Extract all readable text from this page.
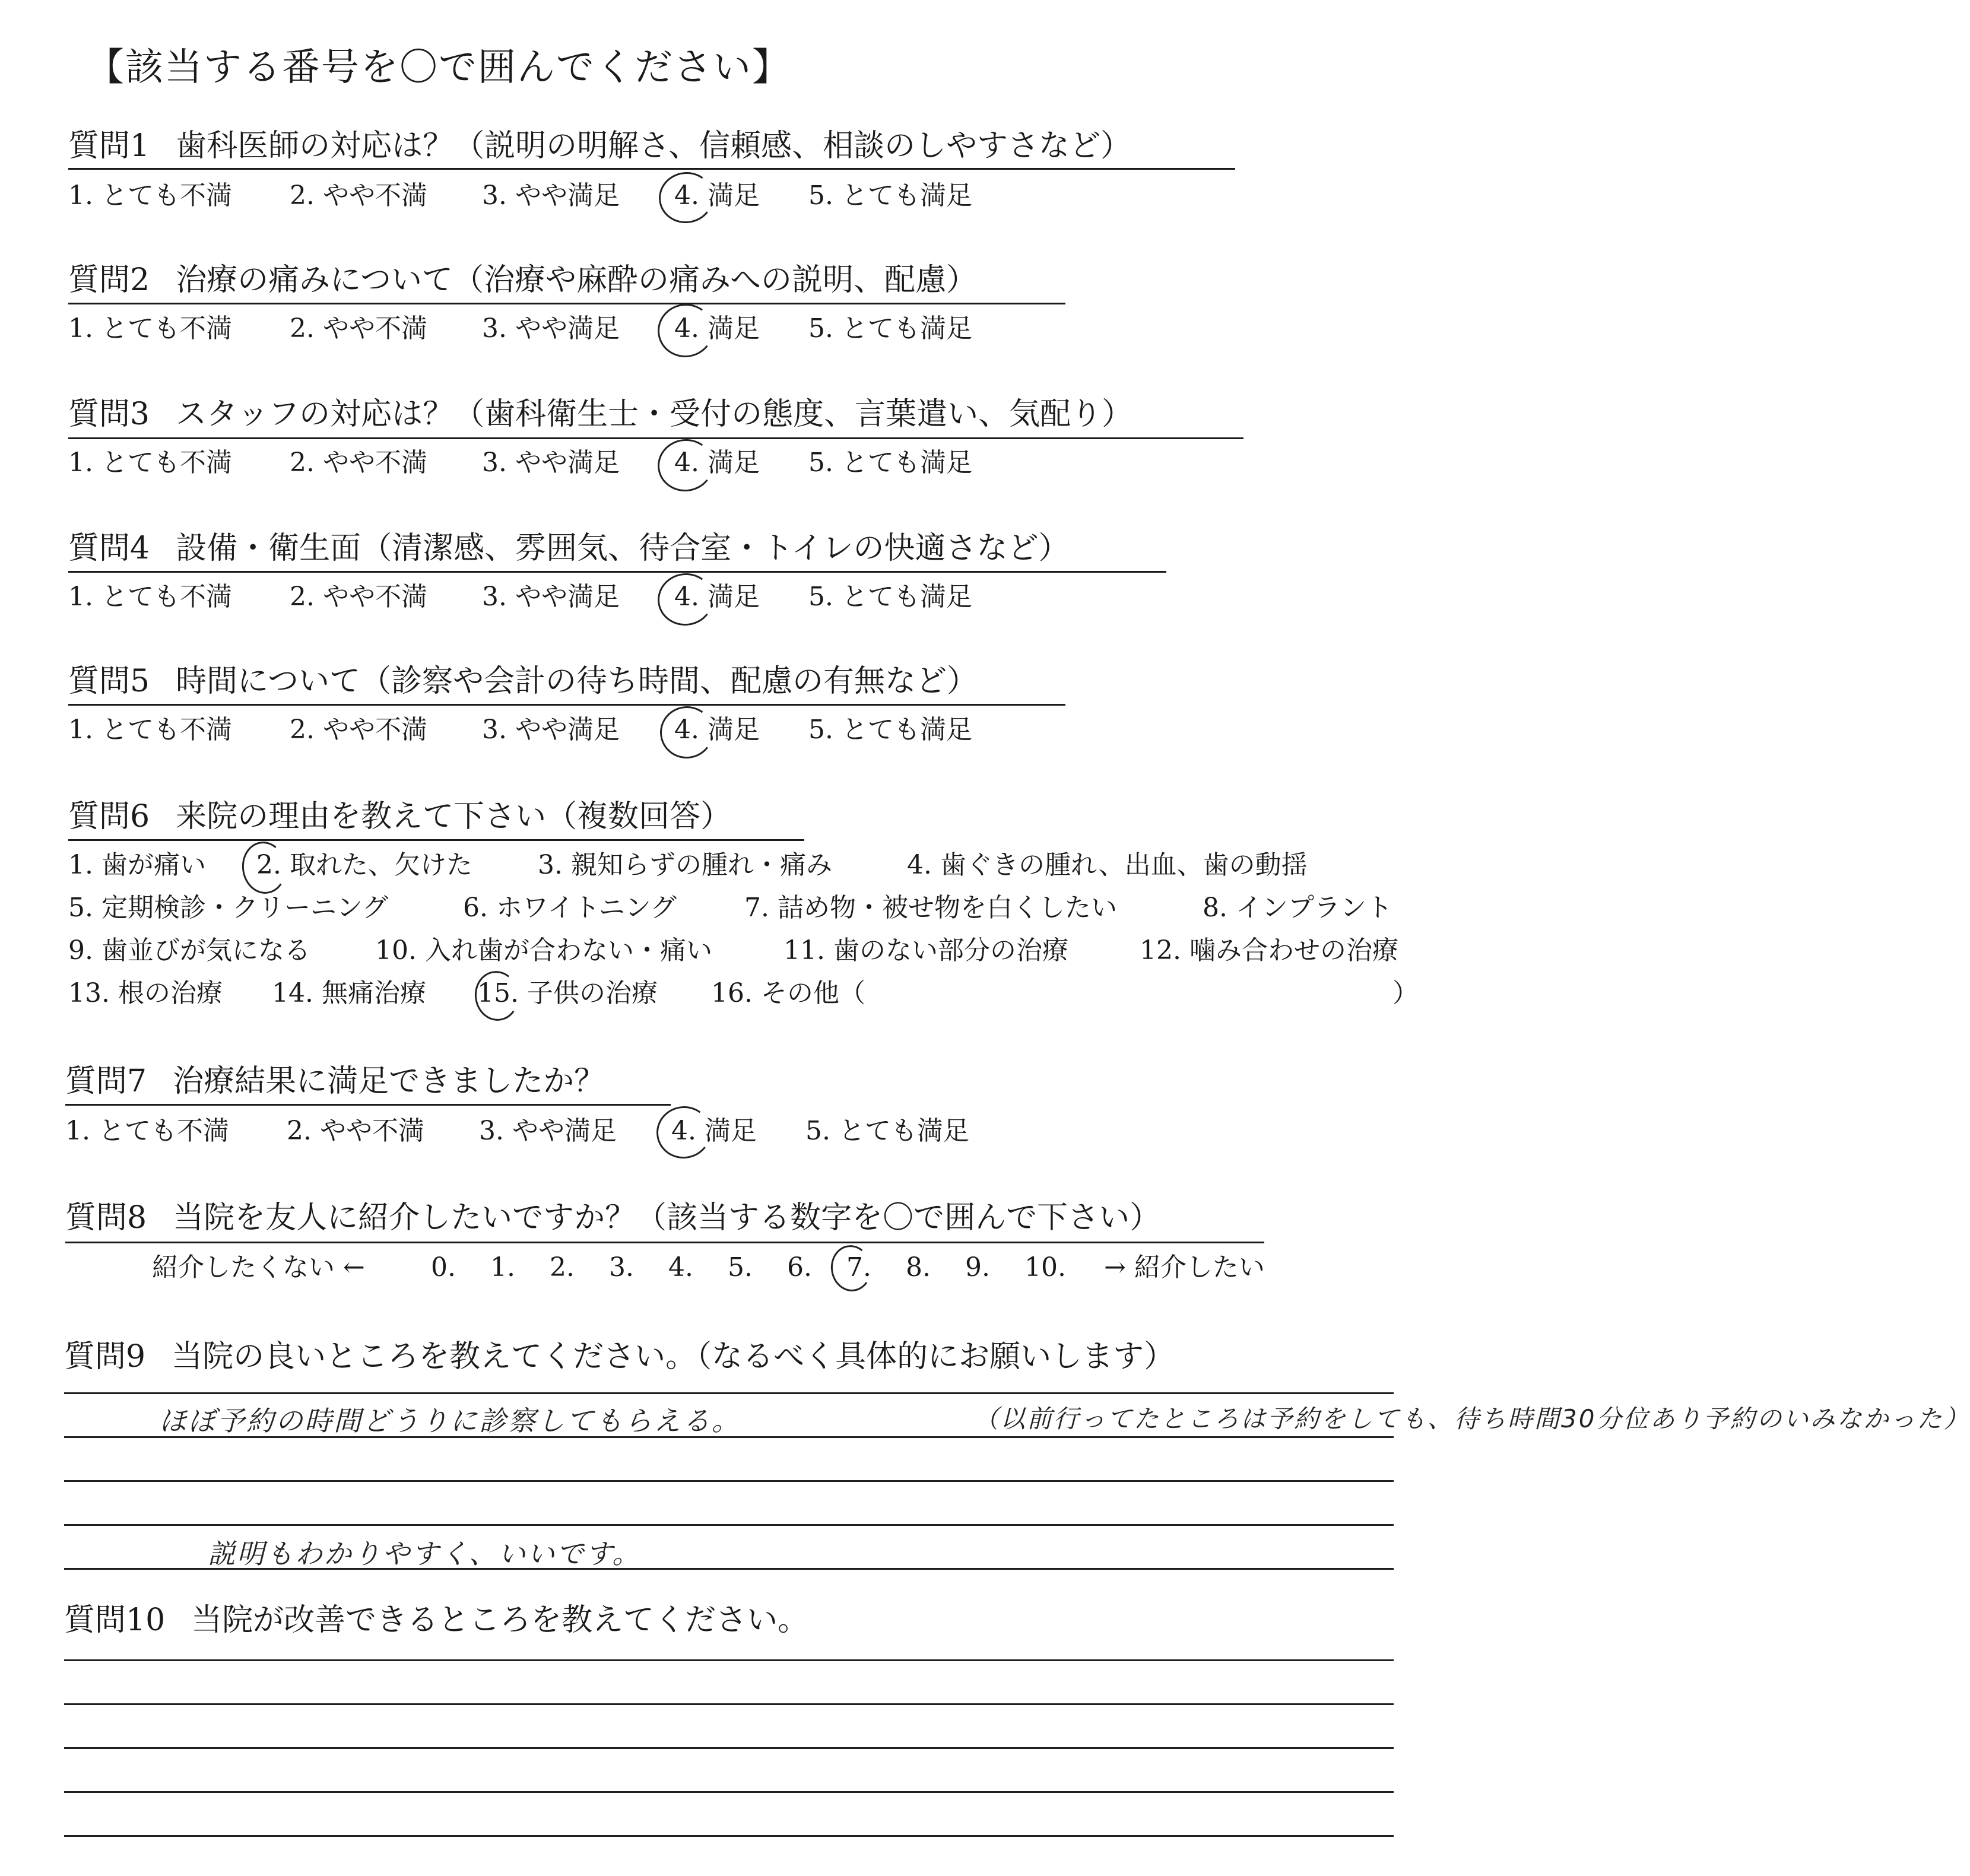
【該当する番号を〇で囲んでください】
質問1 歯科医師の対応は？（説明の明解さ、信頼感、相談のしやすさなど）
1. とても不満 2. やや不満 3. やや満足 4. 満足 5. とても満足
質問2 治療の痛みについて（治療や麻酔の痛みへの説明、配慮）
1. とても不満 2. やや不満 3. やや満足 4. 満足 5. とても満足
質問3 スタッフの対応は？（歯科衛生士・受付の態度、言葉遣い、気配り）
1. とても不満 2. やや不満 3. やや満足 4. 満足 5. とても満足
質問4 設備・衛生面（清潔感、雰囲気、待合室・トイレの快適さなど）
1. とても不満 2. やや不満 3. やや満足 4. 満足 5. とても満足
質問5 時間について（診察や会計の待ち時間、配慮の有無など）
1. とても不満 2. やや不満 3. やや満足 4. 満足 5. とても満足
質問6 来院の理由を教えて下さい（複数回答）
1. 歯が痛い 2. 取れた、欠けた	3. 親知らずの腫れ・痛み	4. 歯ぐきの腫れ、出血、歯の動揺
5. 定期検診・クリーニング	6. ホワイトニング	7. 詰め物・被せ物を白くしたい	8. インプラント
9. 歯並びが気になる 10. 入れ歯が合わない・痛い	11. 歯のない部分の治療	12. 噛み合わせの治療
13. 根の治療 14. 無痛治療 15. 子供の治療 16. その他（	）
質問7 治療結果に満足できましたか？
1. とても不満 2. やや不満 3. やや満足 4. 満足 5. とても満足
質問8 当院を友人に紹介したいですか？（該当する数字を〇で囲んで下さい）
紹介したくない ←	0. 1. 2. 3. 4. 5. 6. 7. 8. 9. 10. → 紹介したい
質問9 当院の良いところを教えてください。（なるべく具体的にお願いします）
ほぼ予約の時間どうりに診察してもらえる。	（以前行ってたところは予約をしても、待ち時間30分位あり予約のいみなかった）
説明もわかりやすく、いいです。
質問10 当院が改善できるところを教えてください。
